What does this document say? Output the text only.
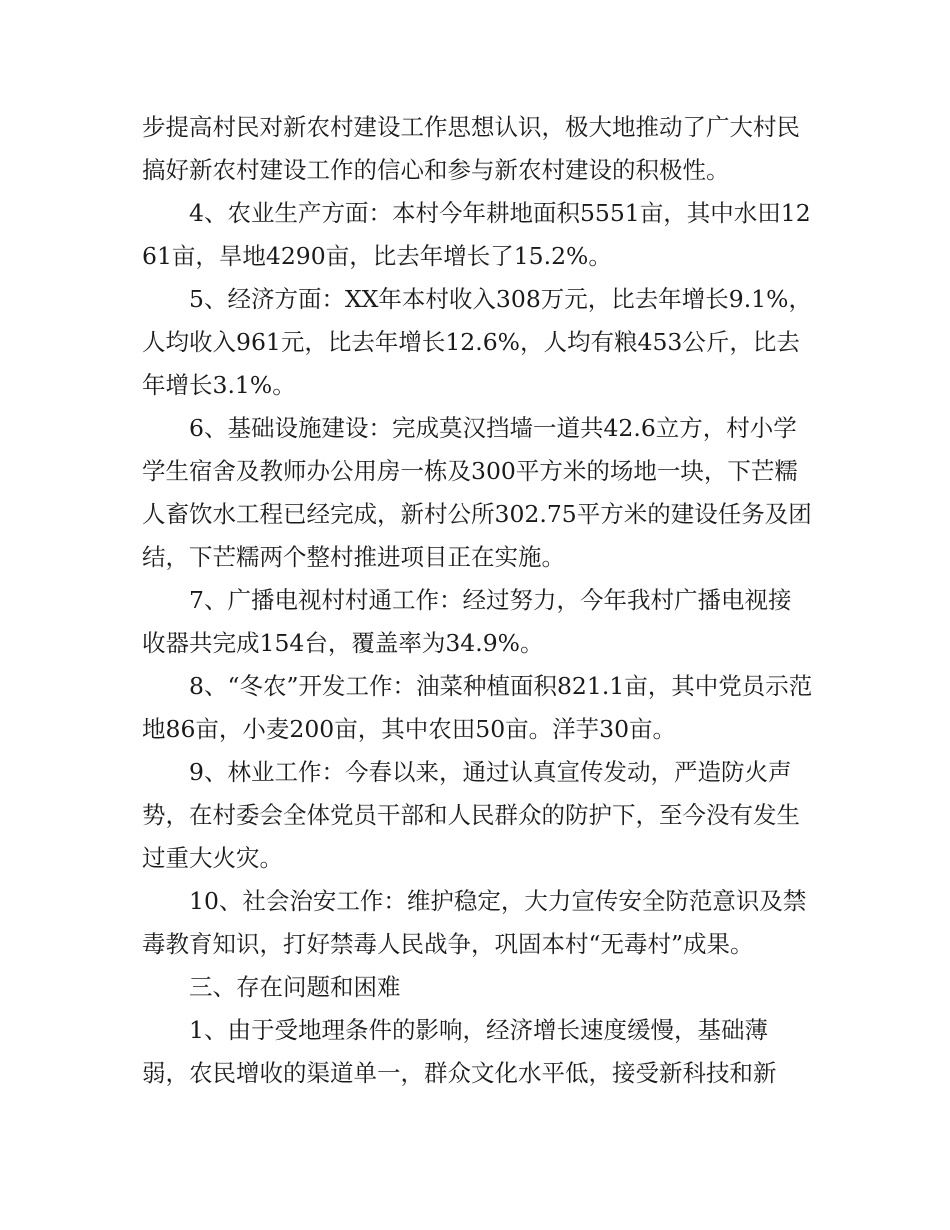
步提高村民对新农村建设工作思想认识，极大地推动了广大村民搞好新农村建设工作的信心和参与新农村建设的积极性。

4、农业生产方面：本村今年耕地面积5551亩，其中水田1261亩，旱地4290亩，比去年增长了15.2%。

5、经济方面：XX年本村收入308万元，比去年增长9.1%，人均收入961元，比去年增长12.6%，人均有粮453公斤，比去年增长3.1%。

6、基础设施建设：完成莫汉挡墙一道共42.6立方，村小学学生宿舍及教师办公用房一栋及300平方米的场地一块，下芒糯人畜饮水工程已经完成，新村公所302.75平方米的建设任务及团结，下芒糯两个整村推进项目正在实施。

7、广播电视村村通工作：经过努力，今年我村广播电视接收器共完成154台，覆盖率为34.9%。

8、“冬农”开发工作：油菜种植面积821.1亩，其中党员示范地86亩，小麦200亩，其中农田50亩。洋芋30亩。

9、林业工作：今春以来，通过认真宣传发动，严造防火声势，在村委会全体党员干部和人民群众的防护下，至今没有发生过重大火灾。

10、社会治安工作：维护稳定，大力宣传安全防范意识及禁毒教育知识，打好禁毒人民战争，巩固本村“无毒村”成果。

三、存在问题和困难

1、由于受地理条件的影响，经济增长速度缓慢，基础薄弱，农民增收的渠道单一，群众文化水平低，接受新科技和新
